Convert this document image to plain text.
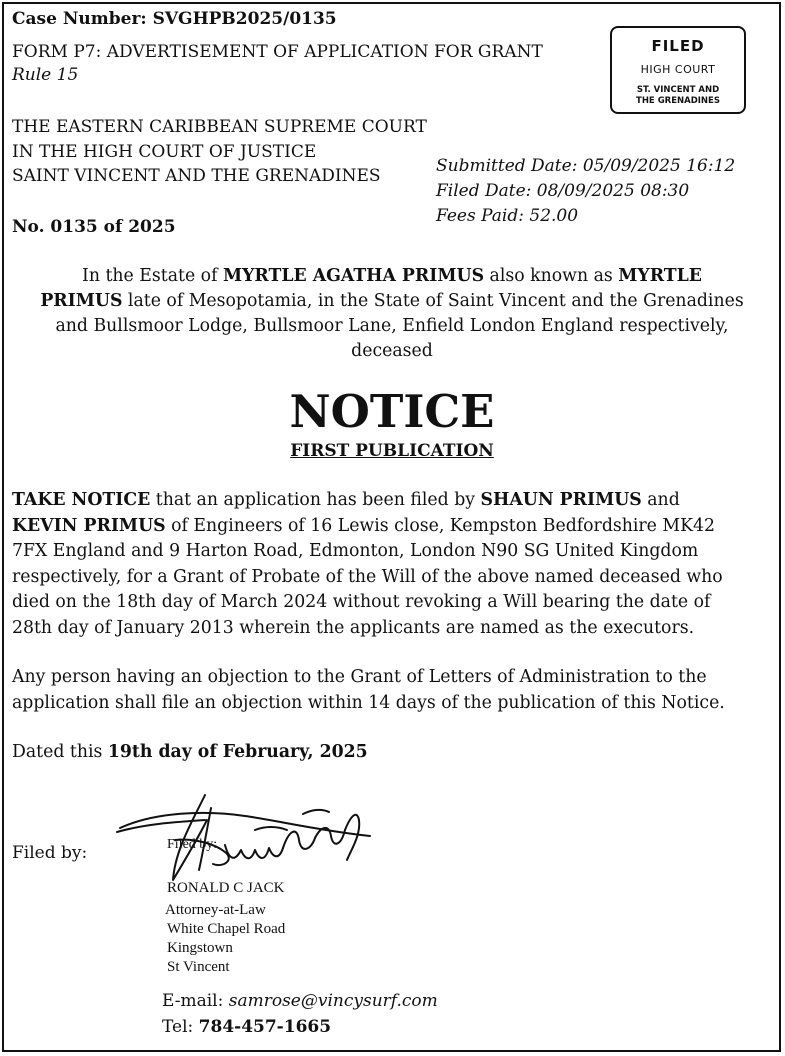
Case Number: SVGHPB2025/0135
FORM P7: ADVERTISEMENT OF APPLICATION FOR GRANT
Rule 15
THE EASTERN CARIBBEAN SUPREME COURT
IN THE HIGH COURT OF JUSTICE
SAINT VINCENT AND THE GRENADINES
No. 0135 of 2025
Submitted Date: 05/09/2025 16:12
Filed Date: 08/09/2025 08:30
Fees Paid: 52.00
FILED
HIGH COURT
ST. VINCENT AND
THE GRENADINES
In the Estate of MYRTLE AGATHA PRIMUS also known as MYRTLE
PRIMUS late of Mesopotamia, in the State of Saint Vincent and the Grenadines
and Bullsmoor Lodge, Bullsmoor Lane, Enfield London England respectively,
deceased
NOTICE
FIRST PUBLICATION
TAKE NOTICE that an application has been filed by SHAUN PRIMUS and
KEVIN PRIMUS of Engineers of 16 Lewis close, Kempston Bedfordshire MK42
7FX England and 9 Harton Road, Edmonton, London N90 SG United Kingdom
respectively, for a Grant of Probate of the Will of the above named deceased who
died on the 18th day of March 2024 without revoking a Will bearing the date of
28th day of January 2013 wherein the applicants are named as the executors.
Any person having an objection to the Grant of Letters of Administration to the
application shall file an objection within 14 days of the publication of this Notice.
Dated this 19th day of February, 2025
Filed by:	Filed by:
RONALD C JACK
Attorney-at-Law
White Chapel Road
Kingstown
St Vincent
E-mail: samrose@vincysurf.com
Tel: 784-457-1665
